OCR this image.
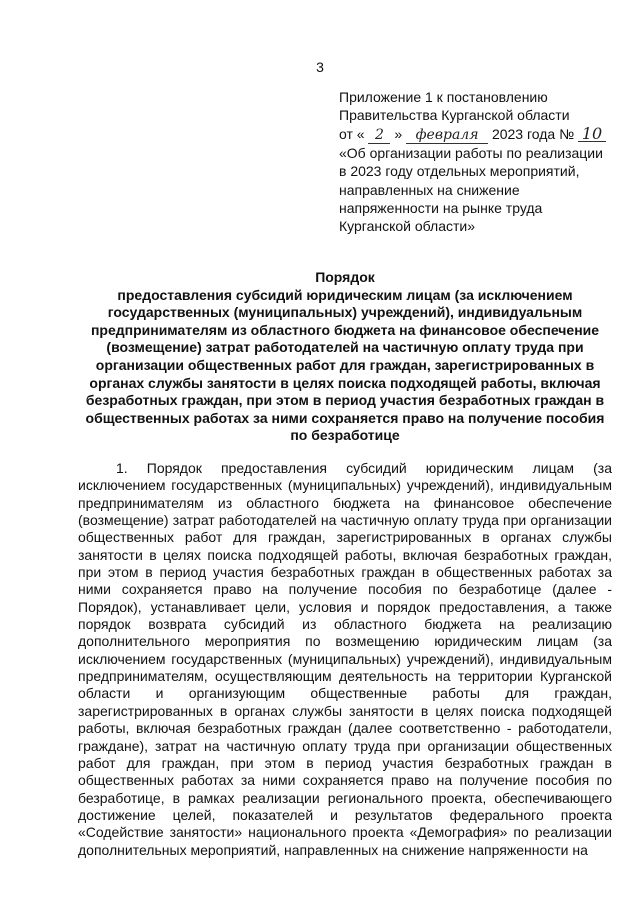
3
Приложение 1 к постановлению
Правительства Курганской области
от « 2 » февраля 2023 года № 10
«Об организации работы по реализации
в 2023 году отдельных мероприятий,
направленных на снижение
напряженности на рынке труда
Курганской области»
Порядок
предоставления субсидий юридическим лицам (за исключением государственных (муниципальных) учреждений), индивидуальным предпринимателям из областного бюджета на финансовое обеспечение (возмещение) затрат работодателей на частичную оплату труда при организации общественных работ для граждан, зарегистрированных в органах службы занятости в целях поиска подходящей работы, включая безработных граждан, при этом в период участия безработных граждан в общественных работах за ними сохраняется право на получение пособия по безработице

1. Порядок предоставления субсидий юридическим лицам (за исключением государственных (муниципальных) учреждений), индивидуальным предпринимателям из областного бюджета на финансовое обеспечение (возмещение) затрат работодателей на частичную оплату труда при организации общественных работ для граждан, зарегистрированных в органах службы занятости в целях поиска подходящей работы, включая безработных граждан, при этом в период участия безработных граждан в общественных работах за ними сохраняется право на получение пособия по безработице (далее - Порядок), устанавливает цели, условия и порядок предоставления, а также порядок возврата субсидий из областного бюджета на реализацию дополнительного мероприятия по возмещению юридическим лицам (за исключением государственных (муниципальных) учреждений), индивидуальным предпринимателям, осуществляющим деятельность на территории Курганской области и организующим общественные работы для граждан, зарегистрированных в органах службы занятости в целях поиска подходящей работы, включая безработных граждан (далее соответственно - работодатели, граждане), затрат на частичную оплату труда при организации общественных работ для граждан, при этом в период участия безработных граждан в общественных работах за ними сохраняется право на получение пособия по безработице, в рамках реализации регионального проекта, обеспечивающего достижение целей, показателей и результатов федерального проекта «Содействие занятости» национального проекта «Демография» по реализации дополнительных мероприятий, направленных на снижение напряженности на
